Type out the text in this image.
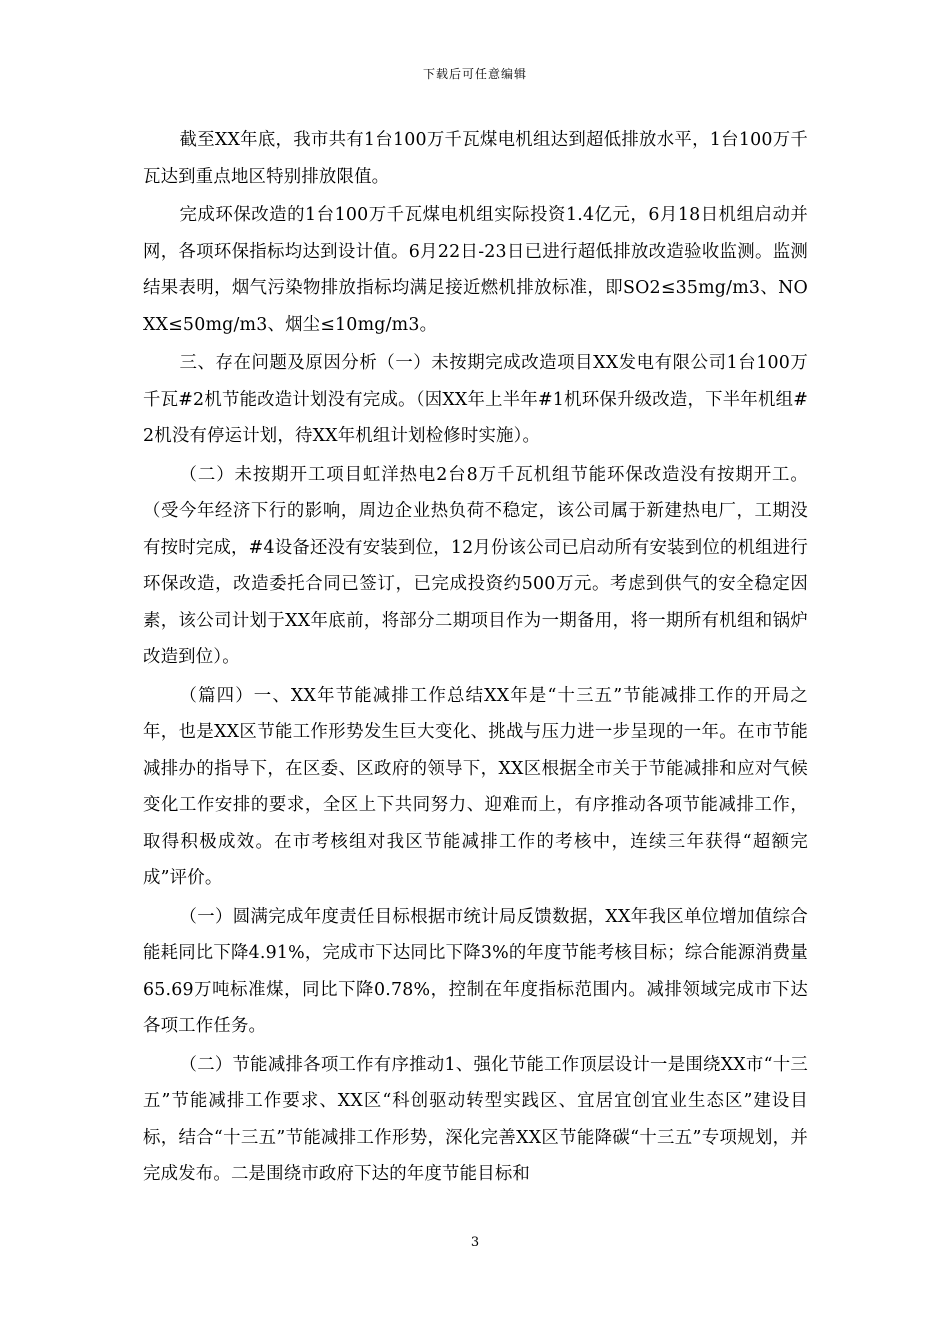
下载后可任意编辑

截至XX年底，我市共有1台100万千瓦煤电机组达到超低排放水平，1台100万千瓦达到重点地区特别排放限值。

完成环保改造的1台100万千瓦煤电机组实际投资1.4亿元，6月18日机组启动并网，各项环保指标均达到设计值。6月22日-23日已进行超低排放改造验收监测。监测结果表明，烟气污染物排放指标均满足接近燃机排放标准，即SO2≤35mg/m3、NOXX≤50mg/m3、烟尘≤10mg/m3。

三、存在问题及原因分析（一）未按期完成改造项目XX发电有限公司1台100万千瓦#2机节能改造计划没有完成。（因XX年上半年#1机环保升级改造，下半年机组#2机没有停运计划，待XX年机组计划检修时实施）。

（二）未按期开工项目虹洋热电2台8万千瓦机组节能环保改造没有按期开工。（受今年经济下行的影响，周边企业热负荷不稳定，该公司属于新建热电厂，工期没有按时完成，#4设备还没有安装到位，12月份该公司已启动所有安装到位的机组进行环保改造，改造委托合同已签订，已完成投资约500万元。考虑到供气的安全稳定因素，该公司计划于XX年底前，将部分二期项目作为一期备用，将一期所有机组和锅炉改造到位）。

（篇四）一、XX年节能减排工作总结XX年是“十三五”节能减排工作的开局之年，也是XX区节能工作形势发生巨大变化、挑战与压力进一步呈现的一年。在市节能减排办的指导下，在区委、区政府的领导下，XX区根据全市关于节能减排和应对气候变化工作安排的要求，全区上下共同努力、迎难而上，有序推动各项节能减排工作，取得积极成效。在市考核组对我区节能减排工作的考核中，连续三年获得“超额完成”评价。

（一）圆满完成年度责任目标根据市统计局反馈数据，XX年我区单位增加值综合能耗同比下降4.91%，完成市下达同比下降3%的年度节能考核目标；综合能源消费量65.69万吨标准煤，同比下降0.78%，控制在年度指标范围内。减排领域完成市下达各项工作任务。

（二）节能减排各项工作有序推动1、强化节能工作顶层设计一是围绕XX市“十三五”节能减排工作要求、XX区“科创驱动转型实践区、宜居宜创宜业生态区”建设目标，结合“十三五”节能减排工作形势，深化完善XX区节能降碳“十三五”专项规划，并完成发布。二是围绕市政府下达的年度节能目标和

3
